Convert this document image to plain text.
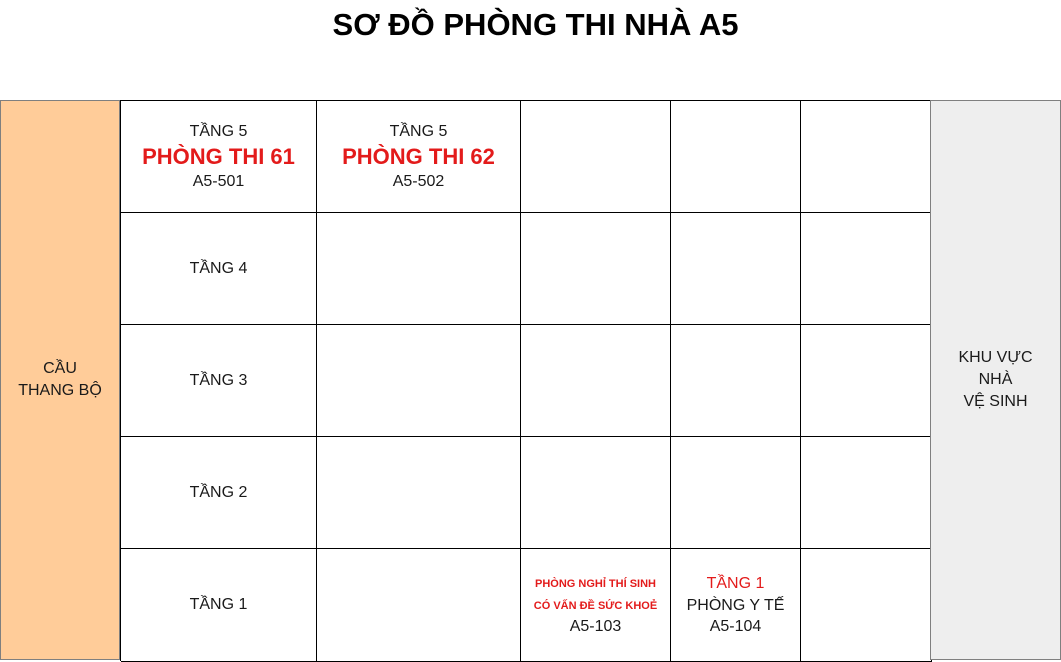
SƠ ĐỒ PHÒNG THI NHÀ A5
CẦU
THANG BỘ
TẦNG 5
PHÒNG THI 61
A5-501
TẦNG 5
PHÒNG THI 62
A5-502
TẦNG 4
TẦNG 3
TẦNG 2
TẦNG 1
PHÒNG NGHỈ THÍ SINH
CÓ VẤN ĐỀ SỨC KHOẺ
A5-103
TẦNG 1
PHÒNG Y TẾ
A5-104
KHU VỰC
NHÀ
VỆ SINH
